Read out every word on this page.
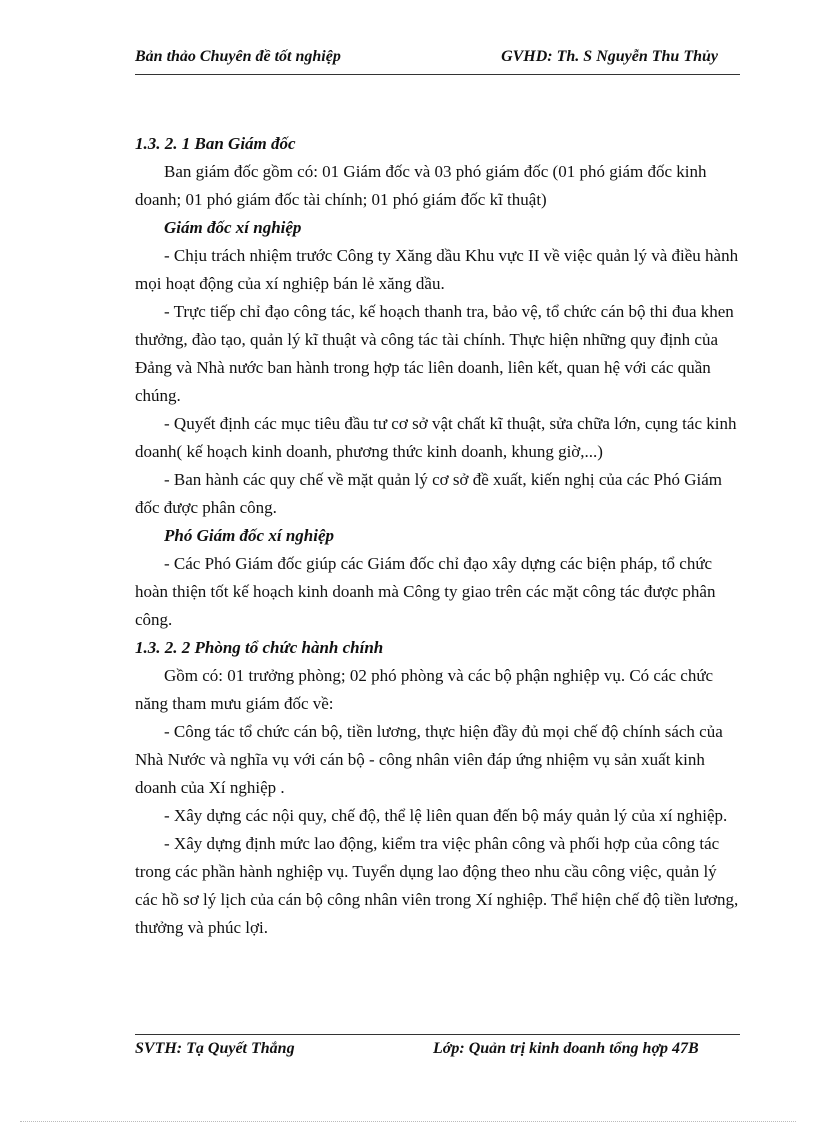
Bản thảo Chuyên đề tốt nghiệp	GVHD: Th. S Nguyễn Thu Thủy

1.3. 2. 1 Ban Giám đốc

Ban giám đốc gồm có: 01 Giám đốc và 03 phó giám đốc (01 phó giám đốc kinh doanh; 01 phó giám đốc tài chính; 01 phó giám đốc kĩ thuật)

Giám đốc xí nghiệp

- Chịu trách nhiệm trước Công ty Xăng dầu Khu vực II về việc quản lý và điều hành mọi hoạt động của xí nghiệp bán lẻ xăng dầu.

- Trực tiếp chỉ đạo công tác, kế hoạch thanh tra, bảo vệ, tổ chức cán bộ thi đua khen thưởng, đào tạo, quản lý kĩ thuật và công tác tài chính. Thực hiện những quy định của Đảng và Nhà nước ban hành trong hợp tác liên doanh, liên kết, quan hệ với các quần chúng.

- Quyết định các mục tiêu đầu tư cơ sở vật chất kĩ thuật, sửa chữa lớn, cụng tác kinh doanh( kế hoạch kinh doanh, phương thức kinh doanh, khung giờ,...)

- Ban hành các quy chế về mặt quản lý cơ sở đề xuất, kiến nghị của các Phó Giám đốc được phân công.

Phó Giám đốc xí nghiệp

- Các Phó Giám đốc giúp các Giám đốc chỉ đạo xây dựng các biện pháp, tổ chức hoàn thiện tốt kế hoạch kinh doanh mà Công ty giao trên các mặt công tác được phân công.

1.3. 2. 2 Phòng tổ chức hành chính

Gồm có: 01 trưởng phòng; 02 phó phòng và các bộ phận nghiệp vụ. Có các chức năng tham mưu giám đốc về:

- Công tác tổ chức cán bộ, tiền lương, thực hiện đầy đủ mọi chế độ chính sách của Nhà Nước và nghĩa vụ với cán bộ - công nhân viên đáp ứng nhiệm vụ sản xuất kinh doanh của Xí nghiệp .

- Xây dựng các nội quy, chế độ, thể lệ liên quan đến bộ máy quản lý của xí nghiệp.

- Xây dựng định mức lao động, kiểm tra việc phân công và phối hợp của công tác trong các phần hành nghiệp vụ. Tuyển dụng lao động theo nhu cầu công việc, quản lý các hồ sơ lý lịch của cán bộ công nhân viên trong Xí nghiệp. Thể hiện chế độ tiền lương, thưởng và phúc lợi.

SVTH: Tạ Quyết Thắng	Lớp: Quản trị kinh doanh tổng hợp 47B
